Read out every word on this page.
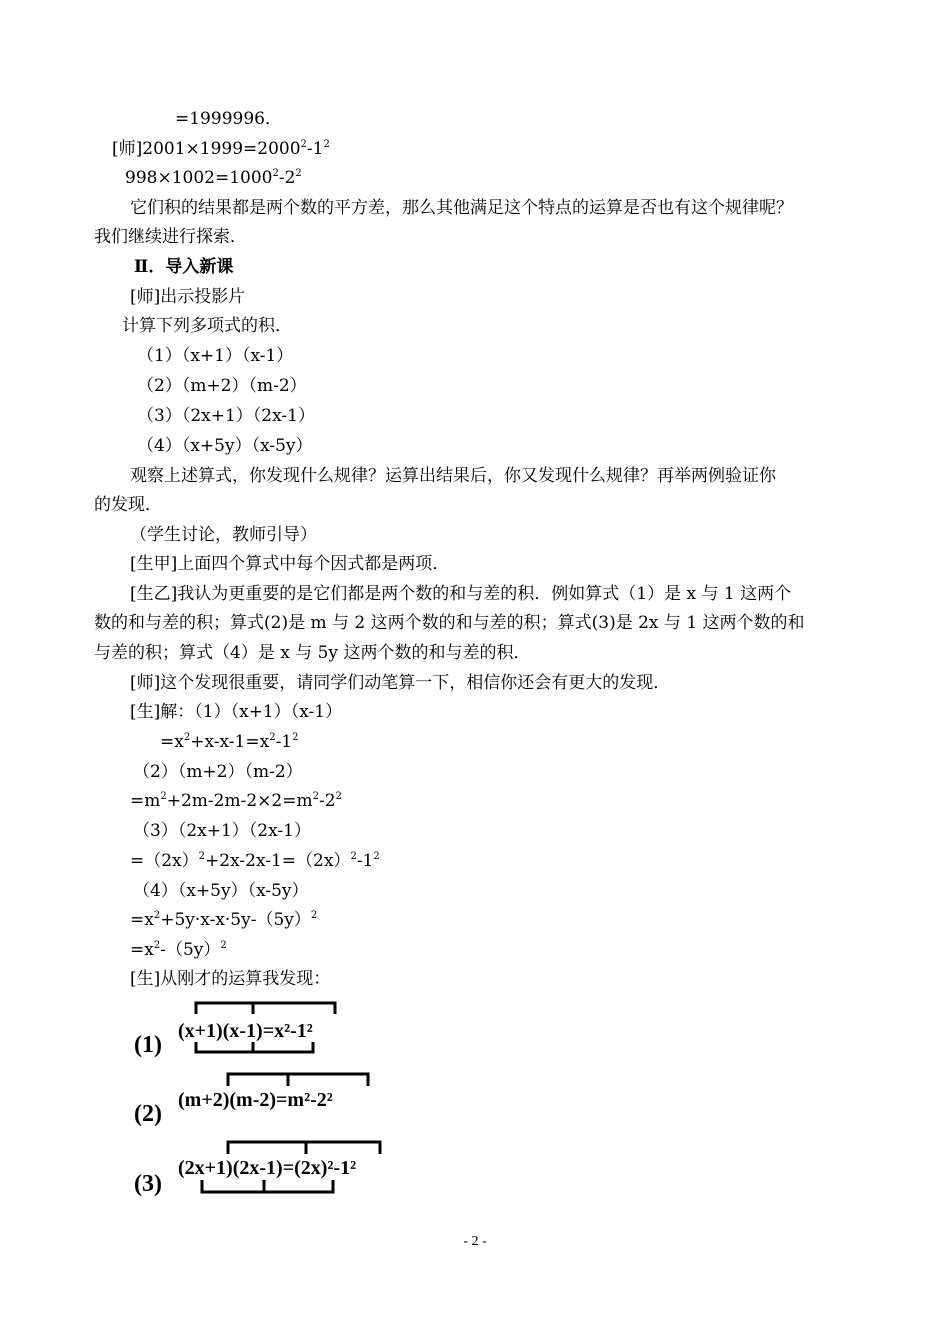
=1999996．
[师]$2001\times 1999=2000^2-1^2$
$998\times 1002=1000^2-2^2$
它们积的结果都是两个数的平方差，那么其他满足这个特点的运算是否也有这个规律呢？
我们继续进行探索．
Ⅱ．导入新课
[师]出示投影片
计算下列多项式的积．
（1）（x+1）（x-1）
（2）（m+2）（m-2）
（3）（2x+1）（2x-1）
（4）（x+5y）（x-5y）
观察上述算式，你发现什么规律？运算出结果后，你又发现什么规律？再举两例验证你
的发现．
（学生讨论，教师引导）
[生甲]上面四个算式中每个因式都是两项．
[生乙]我认为更重要的是它们都是两个数的和与差的积．例如算式（1）是 x 与 1 这两个
数的和与差的积；算式(2)是 m 与 2 这两个数的和与差的积；算式(3)是 2x 与 1 这两个数的和
与差的积；算式（4）是 x 与 5y 这两个数的和与差的积．
[师]这个发现很重要，请同学们动笔算一下，相信你还会有更大的发现．
[生]解：（1）（x+1）（x-1）
$=x^2+x-x-1=x^2-1^2$
（2）（m+2）（m-2）
$=m^2+2m-2m-2\times 2=m^2-2^2$
（3）（2x+1）（2x-1）
$=(2x)^2+2x-2x-1=(2x)^2-1^2$
（4）（x+5y）（x-5y）
$=x^2+5y\cdot x-x\cdot 5y-(5y)^2$
$=x^2-(5y)^2$
[生]从刚才的运算我发现：
(1)
(x+1)(x-1)=x²-1²
(2)
(m+2)(m-2)=m²-2²
(3)
(2x+1)(2x-1)=(2x)²-1²
- 2 -
